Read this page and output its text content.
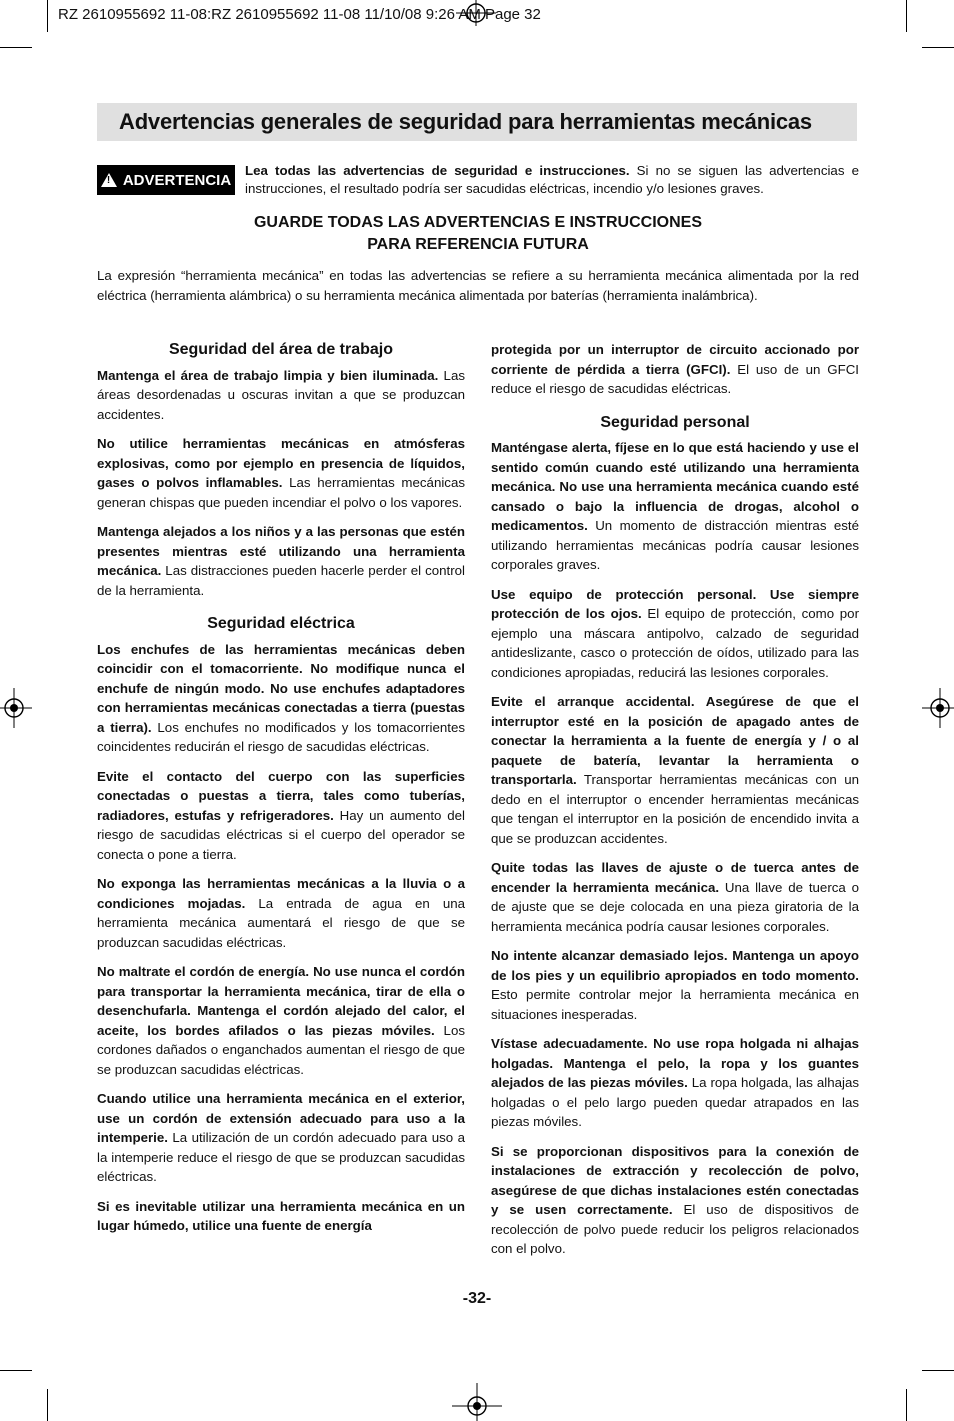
RZ 2610955692 11-08:RZ 2610955692 11-08 11/10/08 9:26 AM Page 32
Advertencias generales de seguridad para herramientas mecánicas
!
ADVERTENCIA
Lea todas las advertencias de seguridad e instrucciones. Si no se siguen las advertencias e instrucciones, el resultado podría ser sacudidas eléctricas, incendio y/o lesiones graves.
GUARDE TODAS LAS ADVERTENCIAS E INSTRUCCIONES
PARA REFERENCIA FUTURA
La expresión “herramienta mecánica” en todas las advertencias se refiere a su herramienta mecánica alimentada por la red eléctrica (herramienta alámbrica) o su herramienta mecánica alimentada por baterías (herramienta inalámbrica).
Seguridad del área de trabajo

Mantenga el área de trabajo limpia y bien iluminada. Las áreas desordenadas u oscuras invitan a que se produzcan accidentes.

No utilice herramientas mecánicas en atmósferas explosivas, como por ejemplo en presencia de líquidos, gases o polvos inflamables. Las herramientas mecánicas generan chispas que pueden incendiar el polvo o los vapores.

Mantenga alejados a los niños y a las personas que estén presentes mientras esté utilizando una herramienta mecánica. Las distracciones pueden hacerle perder el control de la herramienta.

Seguridad eléctrica

Los enchufes de las herramientas mecánicas deben coincidir con el tomacorriente. No modifique nunca el enchufe de ningún modo. No use enchufes adaptadores con herramientas mecánicas conectadas a tierra (puestas a tierra). Los enchufes no modificados y los tomacorrientes coincidentes reducirán el riesgo de sacudidas eléctricas.

Evite el contacto del cuerpo con las superficies conectadas o puestas a tierra, tales como tuberías, radiadores, estufas y refrigeradores. Hay un aumento del riesgo de sacudidas eléctricas si el cuerpo del operador se conecta o pone a tierra.

No exponga las herramientas mecánicas a la lluvia o a condiciones mojadas. La entrada de agua en una herramienta mecánica aumentará el riesgo de que se produzcan sacudidas eléctricas.

No maltrate el cordón de energía. No use nunca el cordón para transportar la herramienta mecánica, tirar de ella o desenchufarla. Mantenga el cordón alejado del calor, el aceite, los bordes afilados o las piezas móviles. Los cordones dañados o enganchados aumentan el riesgo de que se produzcan sacudidas eléctricas.

Cuando utilice una herramienta mecánica en el exterior, use un cordón de extensión adecuado para uso a la intemperie. La utilización de un cordón adecuado para uso a la intemperie reduce el riesgo de que se produzcan sacudidas eléctricas.

Si es inevitable utilizar una herramienta mecánica en un lugar húmedo, utilice una fuente de energía

protegida por un interruptor de circuito accionado por corriente de pérdida a tierra (GFCI). El uso de un GFCI reduce el riesgo de sacudidas eléctricas.

Seguridad personal

Manténgase alerta, fíjese en lo que está haciendo y use el sentido común cuando esté utilizando una herramienta mecánica. No use una herramienta mecánica cuando esté cansado o bajo la influencia de drogas, alcohol o medicamentos. Un momento de distracción mientras esté utilizando herramientas mecánicas podría causar lesiones corporales graves.

Use equipo de protección personal. Use siempre protección de los ojos. El equipo de protección, como por ejemplo una máscara antipolvo, calzado de seguridad antideslizante, casco o protección de oídos, utilizado para las condiciones apropiadas, reducirá las lesiones corporales.

Evite el arranque accidental. Asegúrese de que el interruptor esté en la posición de apagado antes de conectar la herramienta a la fuente de energía y / o al paquete de batería, levantar la herramienta o transportarla. Transportar herramientas mecánicas con un dedo en el interruptor o encender herramientas mecánicas que tengan el interruptor en la posición de encendido invita a que se produzcan accidentes.

Quite todas las llaves de ajuste o de tuerca antes de encender la herramienta mecánica. Una llave de tuerca o de ajuste que se deje colocada en una pieza giratoria de la herramienta mecánica podría causar lesiones corporales.

No intente alcanzar demasiado lejos. Mantenga un apoyo de los pies y un equilibrio apropiados en todo momento. Esto permite controlar mejor la herramienta mecánica en situaciones inesperadas.

Vístase adecuadamente. No use ropa holgada ni alhajas holgadas. Mantenga el pelo, la ropa y los guantes alejados de las piezas móviles. La ropa holgada, las alhajas holgadas o el pelo largo pueden quedar atrapados en las piezas móviles.

Si se proporcionan dispositivos para la conexión de instalaciones de extracción y recolección de polvo, asegúrese de que dichas instalaciones estén conectadas y se usen correctamente. El uso de dispositivos de recolección de polvo puede reducir los peligros relacionados con el polvo.

-32-
